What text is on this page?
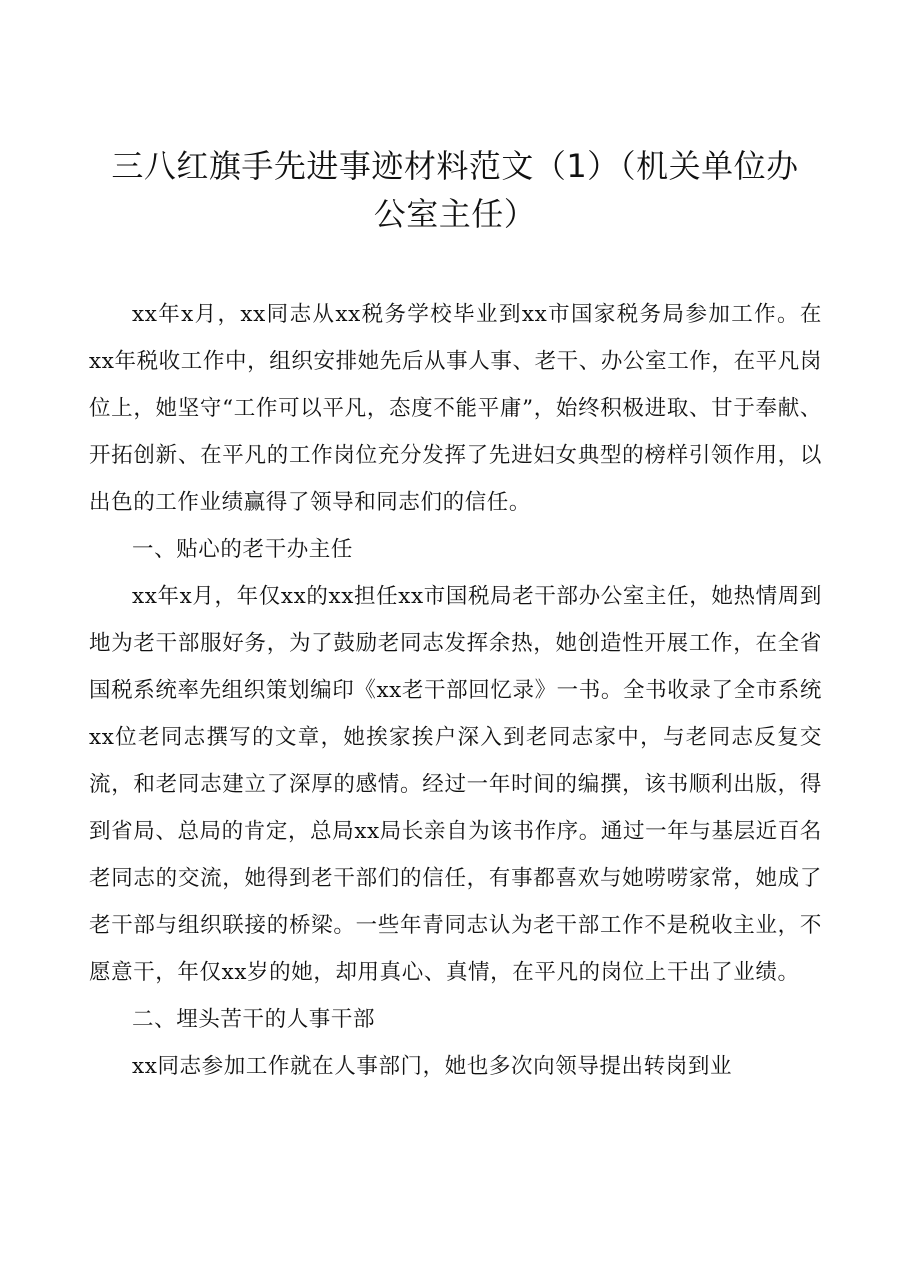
三八红旗手先进事迹材料范文（1）（机关单位办
公室主任）

xx年x月，xx同志从xx税务学校毕业到xx市国家税务局参加工作。在xx年税收工作中，组织安排她先后从事人事、老干、办公室工作，在平凡岗位上，她坚守“工作可以平凡，态度不能平庸”，始终积极进取、甘于奉献、开拓创新、在平凡的工作岗位充分发挥了先进妇女典型的榜样引领作用，以出色的工作业绩赢得了领导和同志们的信任。

一、贴心的老干办主任

xx年x月，年仅xx的xx担任xx市国税局老干部办公室主任，她热情周到地为老干部服好务，为了鼓励老同志发挥余热，她创造性开展工作，在全省国税系统率先组织策划编印《xx老干部回忆录》一书。全书收录了全市系统xx位老同志撰写的文章，她挨家挨户深入到老同志家中，与老同志反复交流，和老同志建立了深厚的感情。经过一年时间的编撰，该书顺利出版，得到省局、总局的肯定，总局xx局长亲自为该书作序。通过一年与基层近百名老同志的交流，她得到老干部们的信任，有事都喜欢与她唠唠家常，她成了老干部与组织联接的桥梁。一些年青同志认为老干部工作不是税收主业，不愿意干，年仅xx岁的她，却用真心、真情，在平凡的岗位上干出了业绩。

二、埋头苦干的人事干部

xx同志参加工作就在人事部门，她也多次向领导提出转岗到业
